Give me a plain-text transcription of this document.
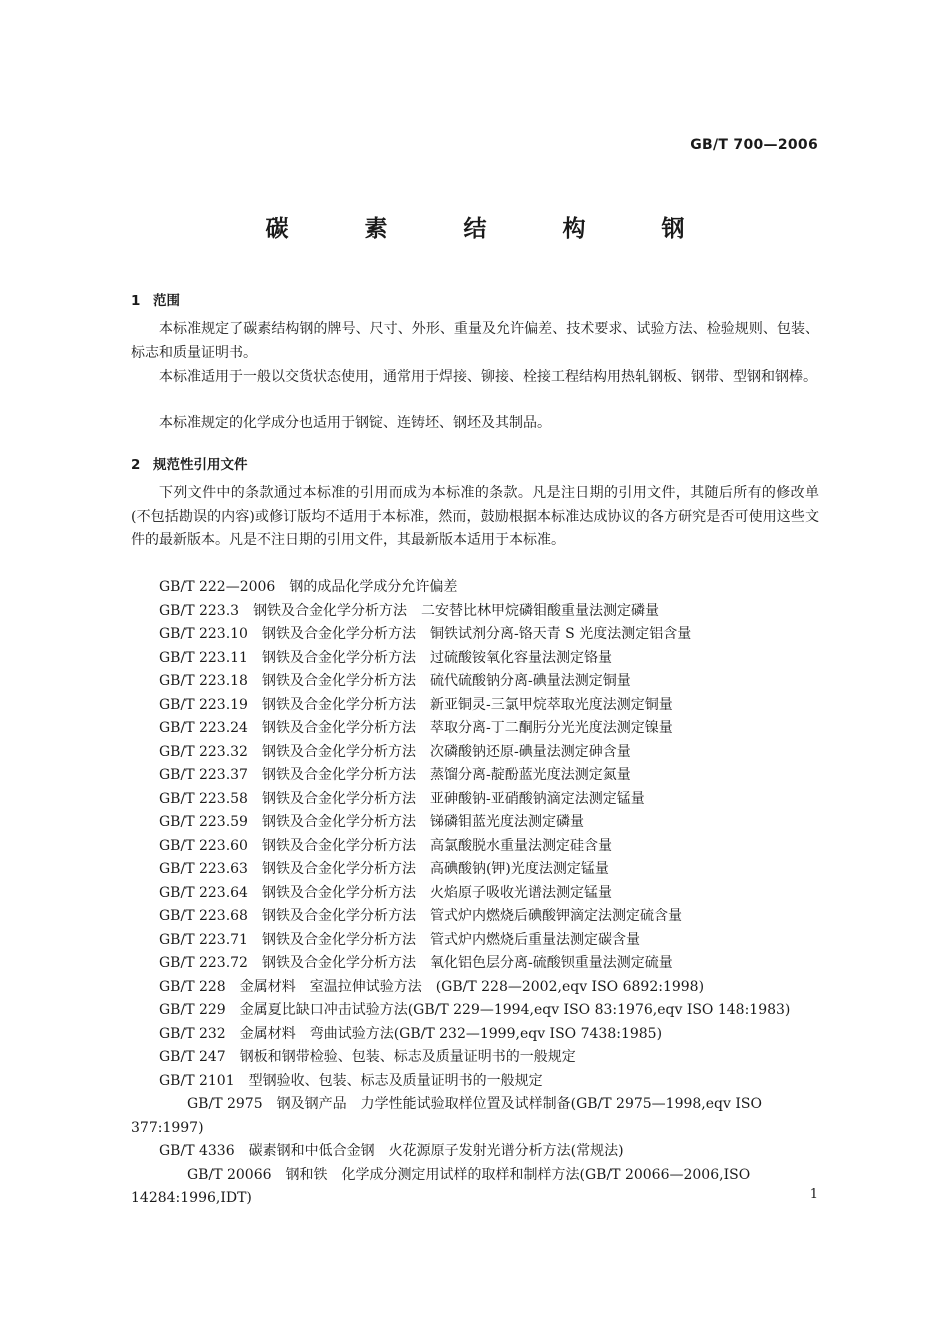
GB/T 700—2006
碳 素 结 构 钢
1 范围

本标准规定了碳素结构钢的牌号、尺寸、外形、重量及允许偏差、技术要求、试验方法、检验规则、包装、标志和质量证明书。

本标准适用于一般以交货状态使用，通常用于焊接、铆接、栓接工程结构用热轧钢板、钢带、型钢和钢棒。

本标准规定的化学成分也适用于钢锭、连铸坯、钢坯及其制品。

2 规范性引用文件

下列文件中的条款通过本标准的引用而成为本标准的条款。凡是注日期的引用文件，其随后所有的修改单(不包括勘误的内容)或修订版均不适用于本标准，然而，鼓励根据本标准达成协议的各方研究是否可使用这些文件的最新版本。凡是不注日期的引用文件，其最新版本适用于本标准。

GB/T 222—2006 钢的成品化学成分允许偏差

GB/T 223.3 钢铁及合金化学分析方法　二安替比林甲烷磷钼酸重量法测定磷量

GB/T 223.10 钢铁及合金化学分析方法　铜铁试剂分离-铬天青 S 光度法测定铝含量

GB/T 223.11 钢铁及合金化学分析方法　过硫酸铵氧化容量法测定铬量

GB/T 223.18 钢铁及合金化学分析方法　硫代硫酸钠分离-碘量法测定铜量

GB/T 223.19 钢铁及合金化学分析方法　新亚铜灵-三氯甲烷萃取光度法测定铜量

GB/T 223.24 钢铁及合金化学分析方法　萃取分离-丁二酮肟分光光度法测定镍量

GB/T 223.32 钢铁及合金化学分析方法　次磷酸钠还原-碘量法测定砷含量

GB/T 223.37 钢铁及合金化学分析方法　蒸馏分离-靛酚蓝光度法测定氮量

GB/T 223.58 钢铁及合金化学分析方法　亚砷酸钠-亚硝酸钠滴定法测定锰量

GB/T 223.59 钢铁及合金化学分析方法　锑磷钼蓝光度法测定磷量

GB/T 223.60 钢铁及合金化学分析方法　高氯酸脱水重量法测定硅含量

GB/T 223.63 钢铁及合金化学分析方法　高碘酸钠(钾)光度法测定锰量

GB/T 223.64 钢铁及合金化学分析方法　火焰原子吸收光谱法测定锰量

GB/T 223.68 钢铁及合金化学分析方法　管式炉内燃烧后碘酸钾滴定法测定硫含量

GB/T 223.71 钢铁及合金化学分析方法　管式炉内燃烧后重量法测定碳含量

GB/T 223.72 钢铁及合金化学分析方法　氧化铝色层分离-硫酸钡重量法测定硫量

GB/T 228 金属材料　室温拉伸试验方法　(GB/T 228—2002,eqv ISO 6892:1998)

GB/T 229 金属夏比缺口冲击试验方法(GB/T 229—1994,eqv ISO 83:1976,eqv ISO 148:1983)

GB/T 232 金属材料　弯曲试验方法(GB/T 232—1999,eqv ISO 7438:1985)

GB/T 247 钢板和钢带检验、包装、标志及质量证明书的一般规定

GB/T 2101 型钢验收、包装、标志及质量证明书的一般规定

GB/T 2975 钢及钢产品　力学性能试验取样位置及试样制备(GB/T 2975—1998,eqv ISO 377:1997)

GB/T 4336 碳素钢和中低合金钢　火花源原子发射光谱分析方法(常规法)

GB/T 20066 钢和铁　化学成分测定用试样的取样和制样方法(GB/T 20066—2006,ISO 14284:1996,IDT)	1
